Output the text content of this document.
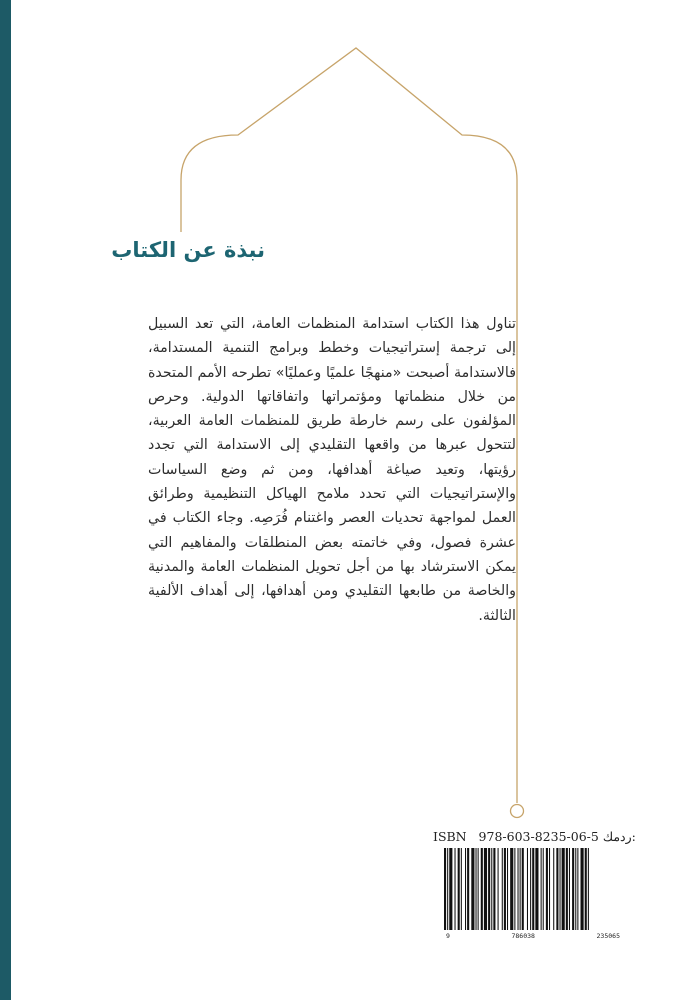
نبذة عن الكتاب
تناول هذا الكتاب استدامة المنظمات العامة، التي تعد السبيل إلى ترجمة إستراتيجيات وخطط وبرامج التنمية المستدامة، فالاستدامة أصبحت «منهجًا علميًا وعمليًا» تطرحه الأمم المتحدة من خلال منظماتها ومؤتمراتها واتفاقاتها الدولية. وحرص المؤلفون على رسم خارطة طريق للمنظمات العامة العربية، لتتحول عبرها من واقعها التقليدي إلى الاستدامة التي تجدد رؤيتها، وتعيد صياغة أهدافها، ومن ثم وضع السياسات والإستراتيجيات التي تحدد ملامح الهياكل التنظيمية وطرائق العمل لمواجهة تحديات العصر واغتنام فُرَصِه. وجاء الكتاب في عشرة فصول، وفي خاتمته بعض المنطلقات والمفاهيم التي يمكن الاسترشاد بها من أجل تحويل المنظمات العامة والمدنية والخاصة من طابعها التقليدي ومن أهدافها، إلى أهداف الألفية الثالثة.
ISBN 978-603-8235-06-5 ردمك:
9	786038	235065
